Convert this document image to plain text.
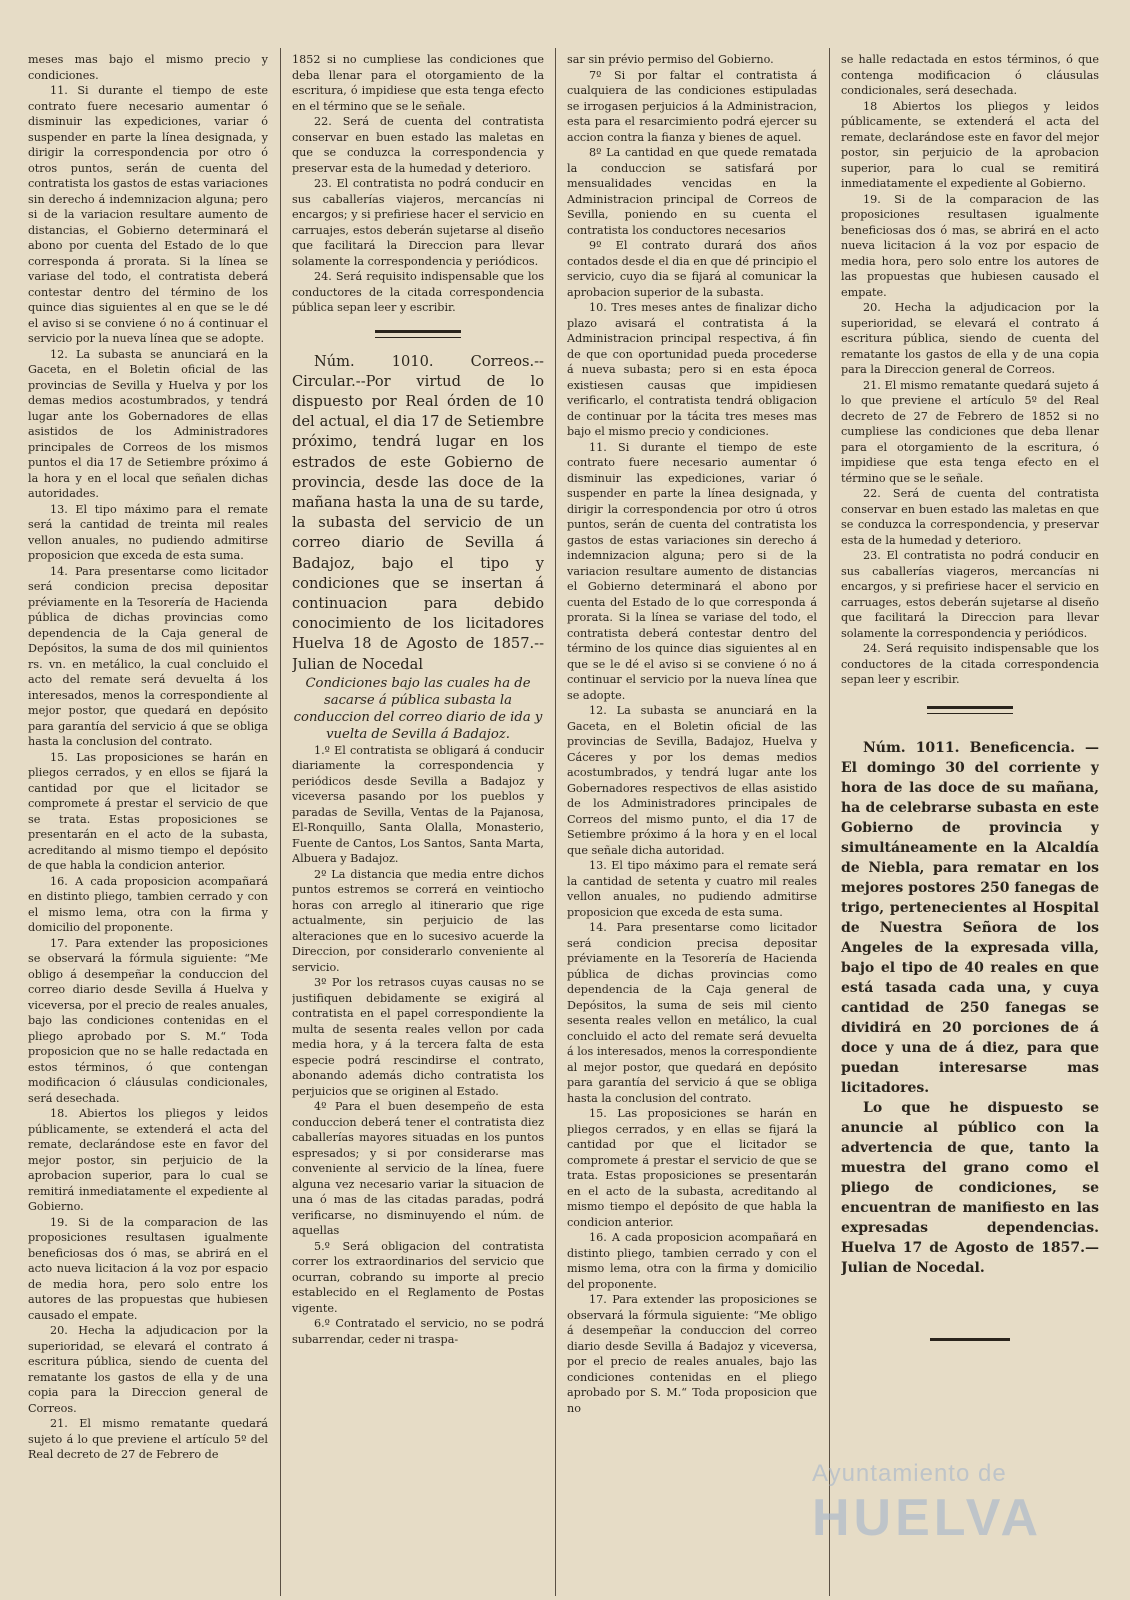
meses mas bajo el mismo precio y condiciones.

11. Si durante el tiempo de este contrato fuere necesario aumentar ó disminuir las expediciones, variar ó suspender en parte la línea designada, y dirigir la correspondencia por otro ó otros puntos, serán de cuenta del contratista los gastos de estas variaciones sin derecho á indemnizacion alguna; pero si de la variacion resultare aumento de distancias, el Gobierno determinará el abono por cuenta del Estado de lo que corresponda á prorata. Si la línea se variase del todo, el contratista deberá contestar dentro del término de los quince dias siguientes al en que se le dé el aviso si se conviene ó no á continuar el servicio por la nueva línea que se adopte.

12. La subasta se anunciará en la Gaceta, en el Boletin oficial de las provincias de Sevilla y Huelva y por los demas medios acostumbrados, y tendrá lugar ante los Gobernadores de ellas asistidos de los Administradores principales de Correos de los mismos puntos el dia 17 de Setiembre próximo á la hora y en el local que señalen dichas autoridades.

13. El tipo máximo para el remate será la cantidad de treinta mil reales vellon anuales, no pudiendo admitirse proposicion que exceda de esta suma.

14. Para presentarse como licitador será condicion precisa depositar préviamente en la Tesorería de Hacienda pública de dichas provincias como dependencia de la Caja general de Depósitos, la suma de dos mil quinientos rs. vn. en metálico, la cual concluido el acto del remate será devuelta á los interesados, menos la correspondiente al mejor postor, que quedará en depósito para garantía del servicio á que se obliga hasta la conclusion del contrato.

15. Las proposiciones se harán en pliegos cerrados, y en ellos se fijará la cantidad por que el licitador se compromete á prestar el servicio de que se trata. Estas proposiciones se presentarán en el acto de la subasta, acreditando al mismo tiempo el depósito de que habla la condicion anterior.

16. A cada proposicion acompañará en distinto pliego, tambien cerrado y con el mismo lema, otra con la firma y domicilio del proponente.

17. Para extender las proposiciones se observará la fórmula siguiente: “Me obligo á desempeñar la conduccion del correo diario desde Sevilla á Huelva y viceversa, por el precio de reales anuales, bajo las condiciones contenidas en el pliego aprobado por S. M.“ Toda proposicion que no se halle redactada en estos términos, ó que contengan modificacion ó cláusulas condicionales, será desechada.

18. Abiertos los pliegos y leidos públicamente, se extenderá el acta del remate, declarándose este en favor del mejor postor, sin perjuicio de la aprobacion superior, para lo cual se remitirá inmediatamente el expediente al Gobierno.

19. Si de la comparacion de las proposiciones resultasen igualmente beneficiosas dos ó mas, se abrirá en el acto nueva licitacion á la voz por espacio de media hora, pero solo entre los autores de las propuestas que hubiesen causado el empate.

20. Hecha la adjudicacion por la superioridad, se elevará el contrato á escritura pública, siendo de cuenta del rematante los gastos de ella y de una copia para la Direccion general de Correos.

21. El mismo rematante quedará sujeto á lo que previene el artículo 5º del Real decreto de 27 de Febrero de

1852 si no cumpliese las condiciones que deba llenar para el otorgamiento de la escritura, ó impidiese que esta tenga efecto en el término que se le señale.

22. Será de cuenta del contratista conservar en buen estado las maletas en que se conduzca la correspondencia y preservar esta de la humedad y deterioro.

23. El contratista no podrá conducir en sus caballerías viajeros, mercancías ni encargos; y si prefiriese hacer el servicio en carruajes, estos deberán sujetarse al diseño que facilitará la Direccion para llevar solamente la correspondencia y periódicos.

24. Será requisito indispensable que los conductores de la citada correspondencia pública sepan leer y escribir.

Núm. 1010. Correos.--Circular.--Por virtud de lo dispuesto por Real órden de 10 del actual, el dia 17 de Setiembre próximo, tendrá lugar en los estrados de este Gobierno de provincia, desde las doce de la mañana hasta la una de su tarde, la subasta del servicio de un correo diario de Sevilla á Badajoz, bajo el tipo y condiciones que se insertan á continuacion para debido conocimiento de los licitadores Huelva 18 de Agosto de 1857.--Julian de Nocedal

Condiciones bajo las cuales ha de sacarse á pública subasta la conduccion del correo diario de ida y vuelta de Sevilla á Badajoz.

1.º El contratista se obligará á conducir diariamente la correspondencia y periódicos desde Sevilla a Badajoz y viceversa pasando por los pueblos y paradas de Sevilla, Ventas de la Pajanosa, El-Ronquillo, Santa Olalla, Monasterio, Fuente de Cantos, Los Santos, Santa Marta, Albuera y Badajoz.

2º La distancia que media entre dichos puntos estremos se correrá en veintiocho horas con arreglo al itinerario que rige actualmente, sin perjuicio de las alteraciones que en lo sucesivo acuerde la Direccion, por considerarlo conveniente al servicio.

3º Por los retrasos cuyas causas no se justifiquen debidamente se exigirá al contratista en el papel correspondiente la multa de sesenta reales vellon por cada media hora, y á la tercera falta de esta especie podrá rescindirse el contrato, abonando además dicho contratista los perjuicios que se originen al Estado.

4º Para el buen desempeño de esta conduccion deberá tener el contratista diez caballerías mayores situadas en los puntos espresados; y si por considerarse mas conveniente al servicio de la línea, fuere alguna vez necesario variar la situacion de una ó mas de las citadas paradas, podrá verificarse, no disminuyendo el núm. de aquellas

5.º Será obligacion del contratista correr los extraordinarios del servicio que ocurran, cobrando su importe al precio establecido en el Reglamento de Postas vigente.

6.º Contratado el servicio, no se podrá subarrendar, ceder ni traspa-

sar sin prévio permiso del Gobierno.

7º Si por faltar el contratista á cualquiera de las condiciones estipuladas se irrogasen perjuicios á la Administracion, esta para el resarcimiento podrá ejercer su accion contra la fianza y bienes de aquel.

8º La cantidad en que quede rematada la conduccion se satisfará por mensualidades vencidas en la Administracion principal de Correos de Sevilla, poniendo en su cuenta el contratista los conductores necesarios

9º El contrato durará dos años contados desde el dia en que dé principio el servicio, cuyo dia se fijará al comunicar la aprobacion superior de la subasta.

10. Tres meses antes de finalizar dicho plazo avisará el contratista á la Administracion principal respectiva, á fin de que con oportunidad pueda procederse á nueva subasta; pero si en esta época existiesen causas que impidiesen verificarlo, el contratista tendrá obligacion de continuar por la tácita tres meses mas bajo el mismo precio y condiciones.

11. Si durante el tiempo de este contrato fuere necesario aumentar ó disminuir las expediciones, variar ó suspender en parte la línea designada, y dirigir la correspondencia por otro ú otros puntos, serán de cuenta del contratista los gastos de estas variaciones sin derecho á indemnizacion alguna; pero si de la variacion resultare aumento de distancias el Gobierno determinará el abono por cuenta del Estado de lo que corresponda á prorata. Si la línea se variase del todo, el contratista deberá contestar dentro del término de los quince dias siguientes al en que se le dé el aviso si se conviene ó no á continuar el servicio por la nueva línea que se adopte.

12. La subasta se anunciará en la Gaceta, en el Boletin oficial de las provincias de Sevilla, Badajoz, Huelva y Cáceres y por los demas medios acostumbrados, y tendrá lugar ante los Gobernadores respectivos de ellas asistido de los Administradores principales de Correos del mismo punto, el dia 17 de Setiembre próximo á la hora y en el local que señale dicha autoridad.

13. El tipo máximo para el remate será la cantidad de setenta y cuatro mil reales vellon anuales, no pudiendo admitirse proposicion que exceda de esta suma.

14. Para presentarse como licitador será condicion precisa depositar préviamente en la Tesorería de Hacienda pública de dichas provincias como dependencia de la Caja general de Depósitos, la suma de seis mil ciento sesenta reales vellon en metálico, la cual concluido el acto del remate será devuelta á los interesados, menos la correspondiente al mejor postor, que quedará en depósito para garantía del servicio á que se obliga hasta la conclusion del contrato.

15. Las proposiciones se harán en pliegos cerrados, y en ellas se fijará la cantidad por que el licitador se compromete á prestar el servicio de que se trata. Estas proposiciones se presentarán en el acto de la subasta, acreditando al mismo tiempo el depósito de que habla la condicion anterior.

16. A cada proposicion acompañará en distinto pliego, tambien cerrado y con el mismo lema, otra con la firma y domicilio del proponente.

17. Para extender las proposiciones se observará la fórmula siguiente: “Me obligo á desempeñar la conduccion del correo diario desde Sevilla á Badajoz y viceversa, por el precio de reales anuales, bajo las condiciones contenidas en el pliego aprobado por S. M.“ Toda proposicion que no

se halle redactada en estos términos, ó que contenga modificacion ó cláusulas condicionales, será desechada.

18 Abiertos los pliegos y leidos públicamente, se extenderá el acta del remate, declarándose este en favor del mejor postor, sin perjuicio de la aprobacion superior, para lo cual se remitirá inmediatamente el expediente al Gobierno.

19. Si de la comparacion de las proposiciones resultasen igualmente beneficiosas dos ó mas, se abrirá en el acto nueva licitacion á la voz por espacio de media hora, pero solo entre los autores de las propuestas que hubiesen causado el empate.

20. Hecha la adjudicacion por la superioridad, se elevará el contrato á escritura pública, siendo de cuenta del rematante los gastos de ella y de una copia para la Direccion general de Correos.

21. El mismo rematante quedará sujeto á lo que previene el artículo 5º del Real decreto de 27 de Febrero de 1852 si no cumpliese las condiciones que deba llenar para el otorgamiento de la escritura, ó impidiese que esta tenga efecto en el término que se le señale.

22. Será de cuenta del contratista conservar en buen estado las maletas en que se conduzca la correspondencia, y preservar esta de la humedad y deterioro.

23. El contratista no podrá conducir en sus caballerías viageros, mercancías ni encargos, y si prefiriese hacer el servicio en carruages, estos deberán sujetarse al diseño que facilitará la Direccion para llevar solamente la correspondencia y periódicos.

24. Será requisito indispensable que los conductores de la citada correspondencia sepan leer y escribir.

Núm. 1011. Beneficencia. —El domingo 30 del corriente y hora de las doce de su mañana, ha de celebrarse subasta en este Gobierno de provincia y simultáneamente en la Alcaldía de Niebla, para rematar en los mejores postores 250 fanegas de trigo, pertenecientes al Hospital de Nuestra Señora de los Angeles de la expresada villa, bajo el tipo de 40 reales en que está tasada cada una, y cuya cantidad de 250 fanegas se dividirá en 20 porciones de á doce y una de á diez, para que puedan interesarse mas licitadores.

Lo que he dispuesto se anuncie al público con la advertencia de que, tanto la muestra del grano como el pliego de condiciones, se encuentran de manifiesto en las expresadas dependencias. Huelva 17 de Agosto de 1857.— Julian de Nocedal.

Ayuntamiento de
HUELVA
